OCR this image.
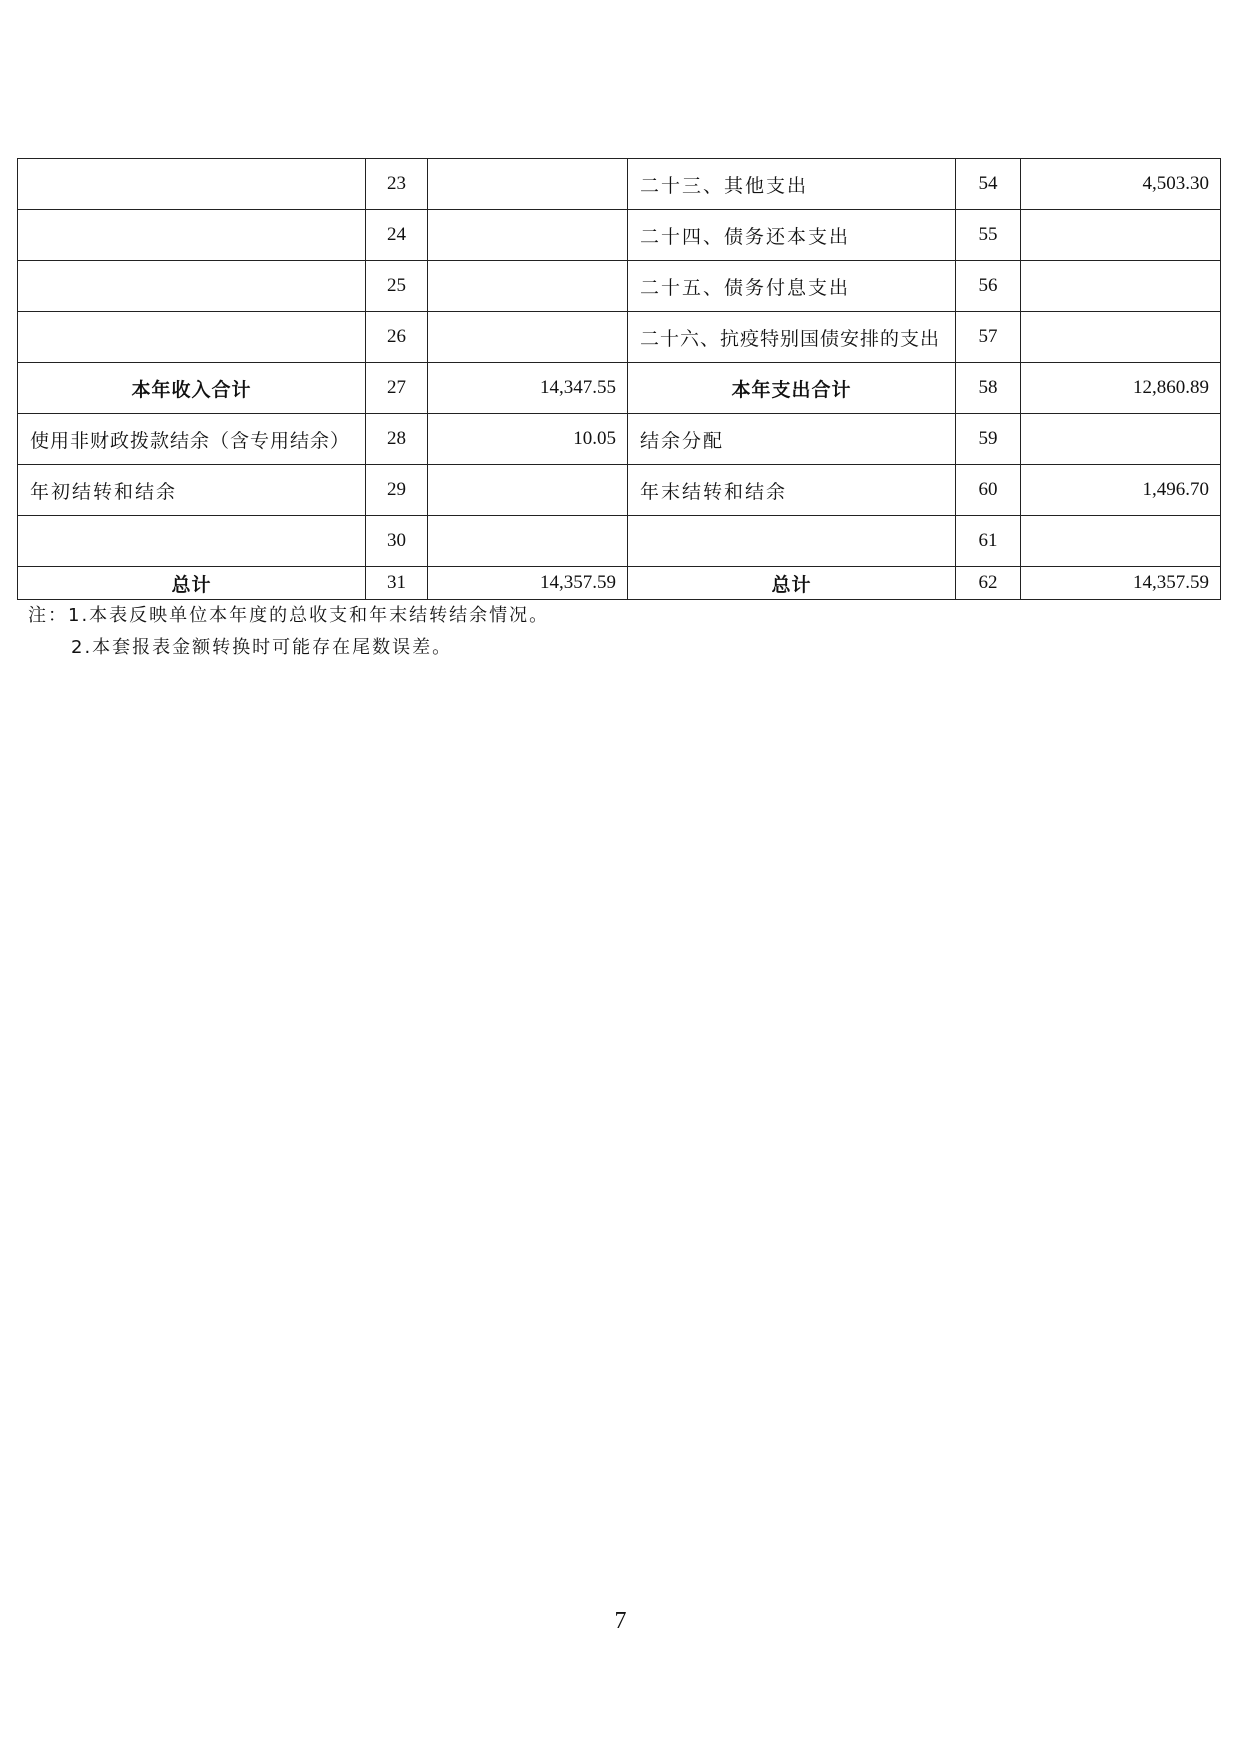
	23		二十三、其他支出	54	4,503.30
	24		二十四、债务还本支出	55	
	25		二十五、债务付息支出	56	
	26		二十六、抗疫特别国债安排的支出	57	
本年收入合计	27	14,347.55	本年支出合计	58	12,860.89
使用非财政拨款结余（含专用结余）	28	10.05	结余分配	59	
年初结转和结余	29		年末结转和结余	60	1,496.70
	30			61	
总计	31	14,357.59	总计	62	14,357.59
注：1.本表反映单位本年度的总收支和年末结转结余情况。
2.本套报表金额转换时可能存在尾数误差。
7
